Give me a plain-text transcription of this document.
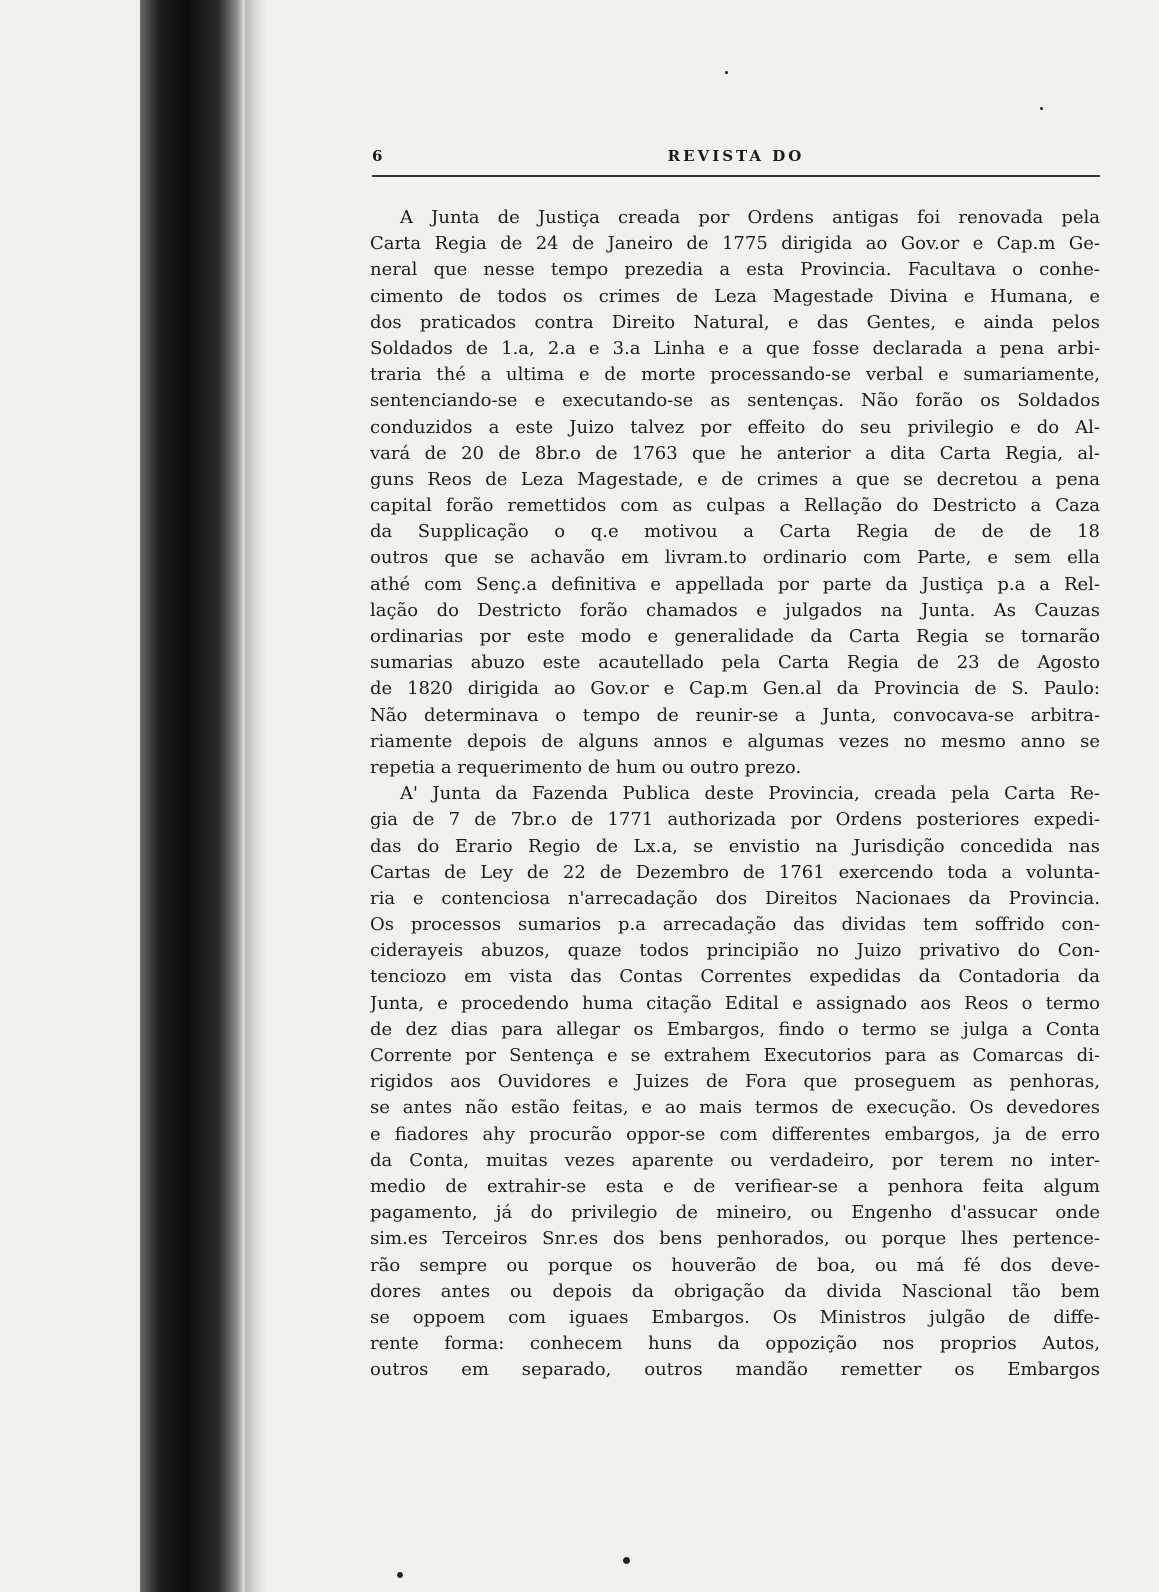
6	REVISTA DO
A Junta de Justiça creada por Ordens antigas foi renovada pela
Carta Regia de 24 de Janeiro de 1775 dirigida ao Gov.or e Cap.m Ge-
neral que nesse tempo prezedia a esta Provincia. Facultava o conhe-
cimento de todos os crimes de Leza Magestade Divina e Humana, e
dos praticados contra Direito Natural, e das Gentes, e ainda pelos
Soldados de 1.a, 2.a e 3.a Linha e a que fosse declarada a pena arbi-
traria thé a ultima e de morte processando-se verbal e sumariamente,
sentenciando-se e executando-se as sentenças. Não forão os Soldados
conduzidos a este Juizo talvez por effeito do seu privilegio e do Al-
vará de 20 de 8br.o de 1763 que he anterior a dita Carta Regia, al-
guns Reos de Leza Magestade, e de crimes a que se decretou a pena
capital forão remettidos com as culpas a Rellação do Destricto a Caza
da Supplicação o q.e motivou a Carta Regia de de de 18
outros que se achavão em livram.to ordinario com Parte, e sem ella
athé com Senç.a definitiva e appellada por parte da Justiça p.a a Rel-
lação do Destricto forão chamados e julgados na Junta. As Cauzas
ordinarias por este modo e generalidade da Carta Regia se tornarão
sumarias abuzo este acautellado pela Carta Regia de 23 de Agosto
de 1820 dirigida ao Gov.or e Cap.m Gen.al da Provincia de S. Paulo:
Não determinava o tempo de reunir-se a Junta, convocava-se arbitra-
riamente depois de alguns annos e algumas vezes no mesmo anno se
repetia a requerimento de hum ou outro prezo.
A' Junta da Fazenda Publica deste Provincia, creada pela Carta Re-
gia de 7 de 7br.o de 1771 authorizada por Ordens posteriores expedi-
das do Erario Regio de Lx.a, se envistio na Jurisdição concedida nas
Cartas de Ley de 22 de Dezembro de 1761 exercendo toda a volunta-
ria e contenciosa n'arrecadação dos Direitos Nacionaes da Provincia.
Os processos sumarios p.a arrecadação das dividas tem soffrido con-
ciderayeis abuzos, quaze todos principião no Juizo privativo do Con-
tenciozo em vista das Contas Correntes expedidas da Contadoria da
Junta, e procedendo huma citação Edital e assignado aos Reos o termo
de dez dias para allegar os Embargos, findo o termo se julga a Conta
Corrente por Sentença e se extrahem Executorios para as Comarcas di-
rigidos aos Ouvidores e Juizes de Fora que proseguem as penhoras,
se antes não estão feitas, e ao mais termos de execução. Os devedores
e fiadores ahy procurão oppor-se com differentes embargos, ja de erro
da Conta, muitas vezes aparente ou verdadeiro, por terem no inter-
medio de extrahir-se esta e de verifiear-se a penhora feita algum
pagamento, já do privilegio de mineiro, ou Engenho d'assucar onde
sim.es Terceiros Snr.es dos bens penhorados, ou porque lhes pertence-
rão sempre ou porque os houverão de boa, ou má fé dos deve-
dores antes ou depois da obrigação da divida Nascional tão bem
se oppoem com iguaes Embargos. Os Ministros julgão de diffe-
rente forma: conhecem huns da oppozição nos proprios Autos,
outros em separado, outros mandão remetter os Embargos
